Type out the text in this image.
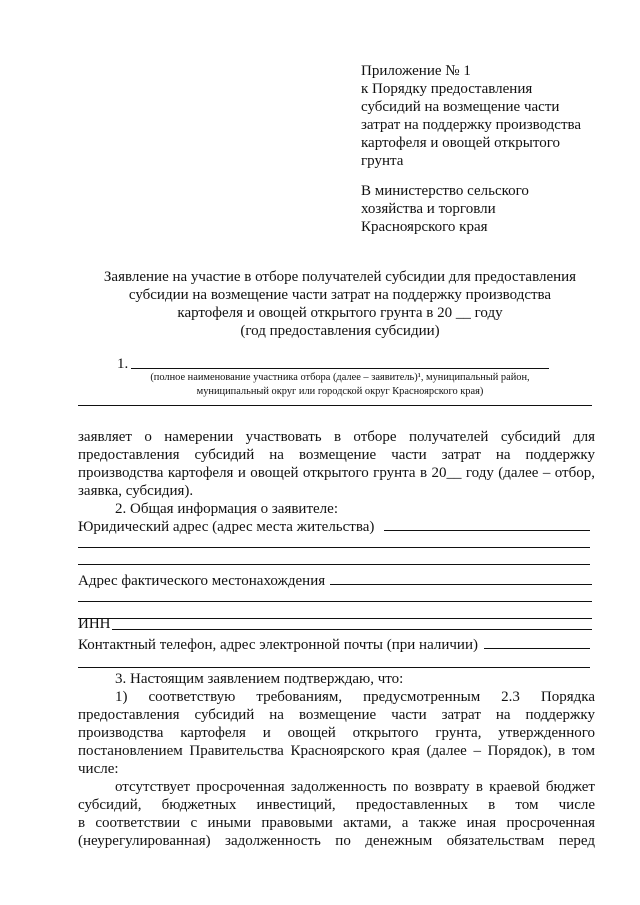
Приложение № 1
к Порядку предоставления
субсидий на возмещение части
затрат на поддержку производства
картофеля и овощей открытого
грунта
В министерство сельского
хозяйства и торговли
Красноярского края
Заявление на участие в отборе получателей субсидии для предоставления
субсидии на возмещение части затрат на поддержку производства
картофеля и овощей открытого грунта в 20 __ году
(год предоставления субсидии)
1.
(полное наименование участника отбора (далее – заявитель)¹, муниципальный район,
муниципальный округ или городской округ Красноярского края)
заявляет о намерении участвовать в отборе получателей субсидий для
предоставления субсидий на возмещение части затрат на поддержку
производства картофеля и овощей открытого грунта в 20__ году (далее – отбор,
заявка, субсидия).
2. Общая информация о заявителе:
Юридический адрес (адрес места жительства)
Адрес фактического местонахождения
ИНН
Контактный телефон, адрес электронной почты (при наличии)
3. Настоящим заявлением подтверждаю, что:
1) соответствую требованиям, предусмотренным 2.3 Порядка
предоставления субсидий на возмещение части затрат на поддержку
производства картофеля и овощей открытого грунта, утвержденного
постановлением Правительства Красноярского края (далее – Порядок), в том
числе:
отсутствует просроченная задолженность по возврату в краевой бюджет
субсидий, бюджетных инвестиций, предоставленных в том числе
в соответствии с иными правовыми актами, а также иная просроченная
(неурегулированная) задолженность по денежным обязательствам перед
